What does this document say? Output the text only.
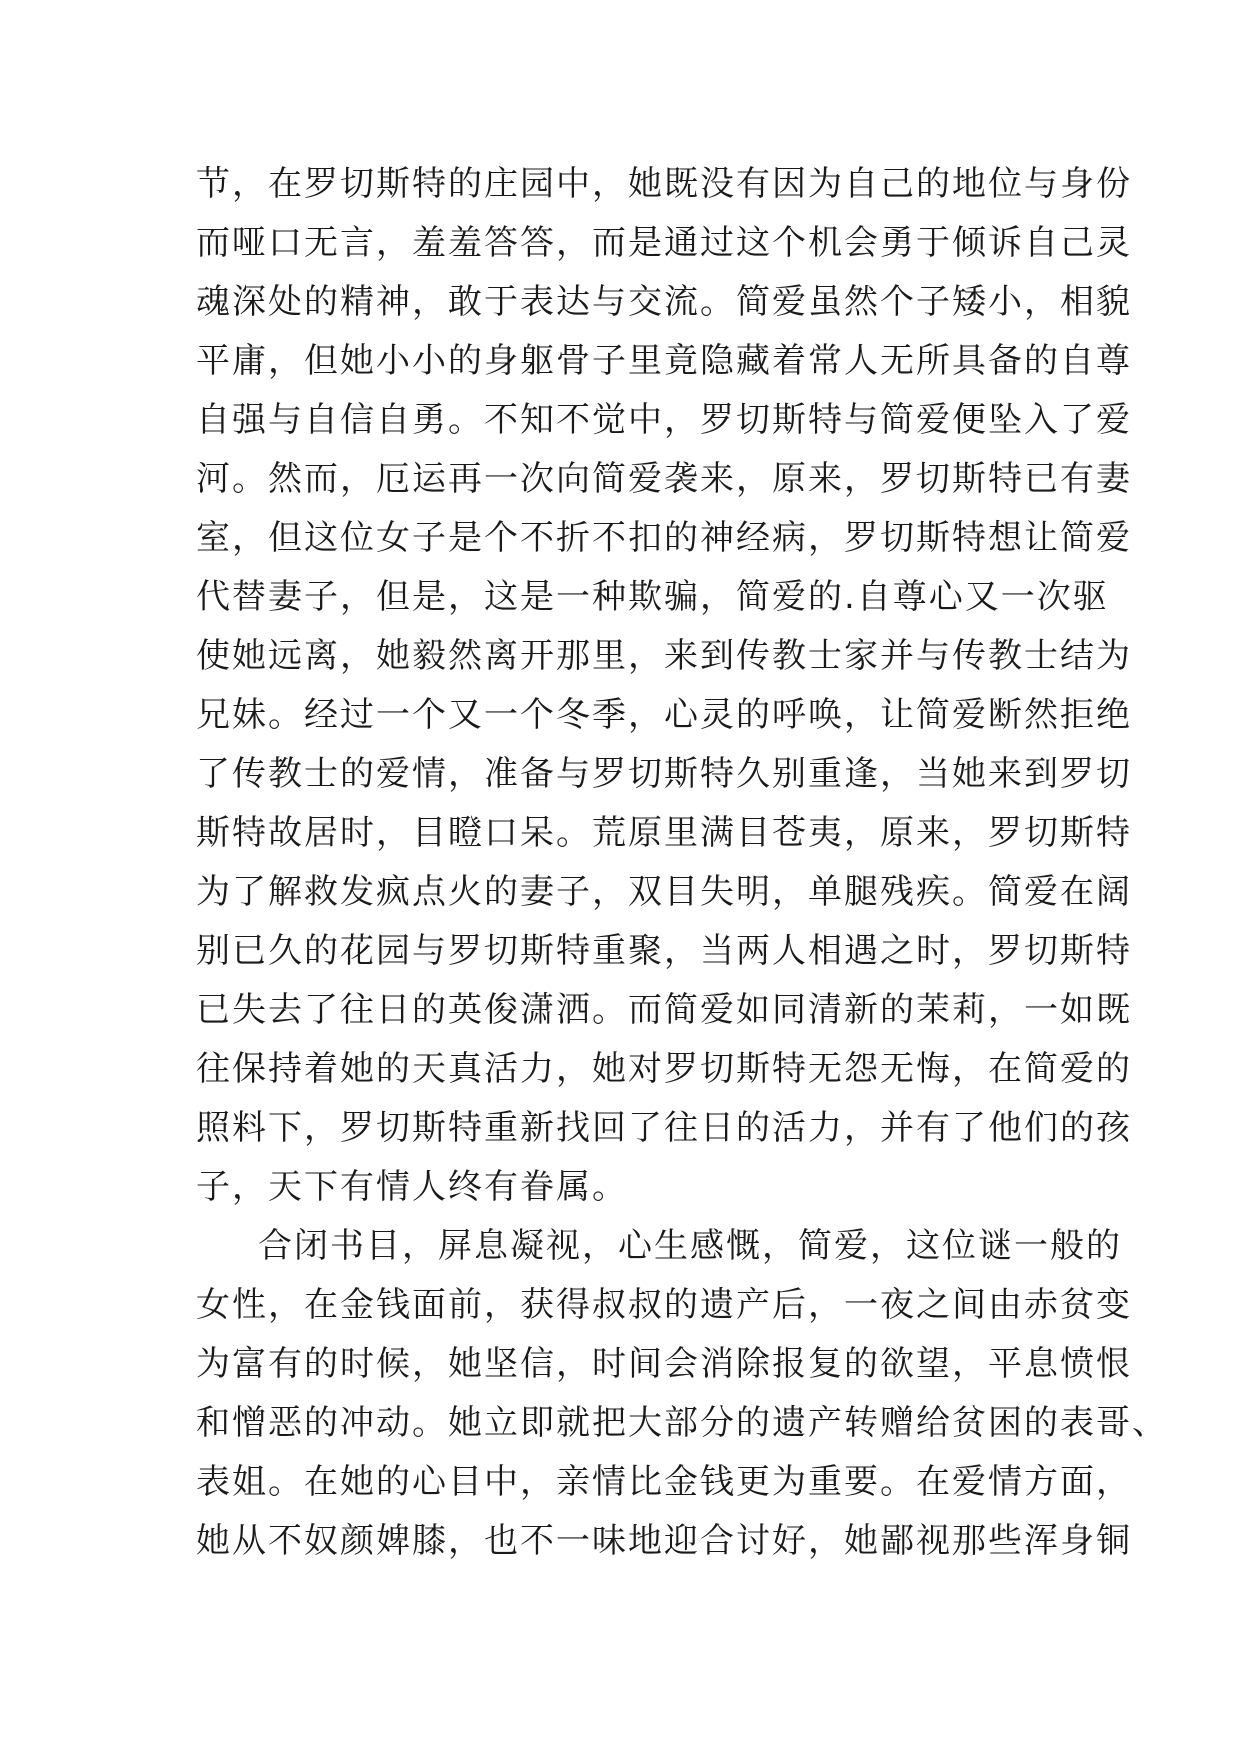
节，在罗切斯特的庄园中，她既没有因为自己的地位与身份
而哑口无言，羞羞答答，而是通过这个机会勇于倾诉自己灵
魂深处的精神，敢于表达与交流。简爱虽然个子矮小，相貌
平庸，但她小小的身躯骨子里竟隐藏着常人无所具备的自尊
自强与自信自勇。不知不觉中，罗切斯特与简爱便坠入了爱
河。然而，厄运再一次向简爱袭来，原来，罗切斯特已有妻
室，但这位女子是个不折不扣的神经病，罗切斯特想让简爱
代替妻子，但是，这是一种欺骗，简爱的.自尊心又一次驱
使她远离，她毅然离开那里，来到传教士家并与传教士结为
兄妹。经过一个又一个冬季，心灵的呼唤，让简爱断然拒绝
了传教士的爱情，准备与罗切斯特久别重逢，当她来到罗切
斯特故居时，目瞪口呆。荒原里满目苍夷，原来，罗切斯特
为了解救发疯点火的妻子，双目失明，单腿残疾。简爱在阔
别已久的花园与罗切斯特重聚，当两人相遇之时，罗切斯特
已失去了往日的英俊潇洒。而简爱如同清新的茉莉，一如既
往保持着她的天真活力，她对罗切斯特无怨无悔，在简爱的
照料下，罗切斯特重新找回了往日的活力，并有了他们的孩
子，天下有情人终有眷属。
合闭书目，屏息凝视，心生感慨，简爱，这位谜一般的
女性，在金钱面前，获得叔叔的遗产后，一夜之间由赤贫变
为富有的时候，她坚信，时间会消除报复的欲望，平息愤恨
和憎恶的冲动。她立即就把大部分的遗产转赠给贫困的表哥、
表姐。在她的心目中，亲情比金钱更为重要。在爱情方面，
她从不奴颜婢膝，也不一味地迎合讨好，她鄙视那些浑身铜
